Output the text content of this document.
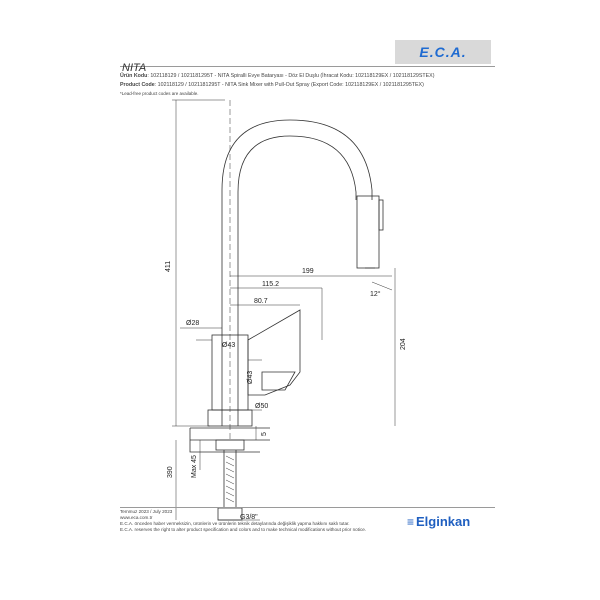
E.C.A.
NITA
Ürün Kodu: 102118129 / 1021181295T - NITA Spiralli Evye Bataryası - Döz El Duşlu (İhracat Kodu: 102118129EX / 102118129STEX)
Product Code: 102118129 / 1021181295T - NITA Sink Mixer with Pull-Out Spray (Export Code: 102118129EX / 1021181295TEX)
*Lead-free product codes are available.
411	199
115.2
80.7
Ø28
Ø43
Ø43
Ø50
204
12°
5
Max 45
390
G3/8"
Temmuz 2023 / July 2023
www.eca.com.tr
E.C.A. önceden haber vermeksizin, ürünlerin ve ürünlerin teknik detaylarında değişiklik yapma hakkını saklı tutar.
E.C.A. reserves the right to alter product specification and colors and to make technical modifications without prior notice.
≡ Elginkan
